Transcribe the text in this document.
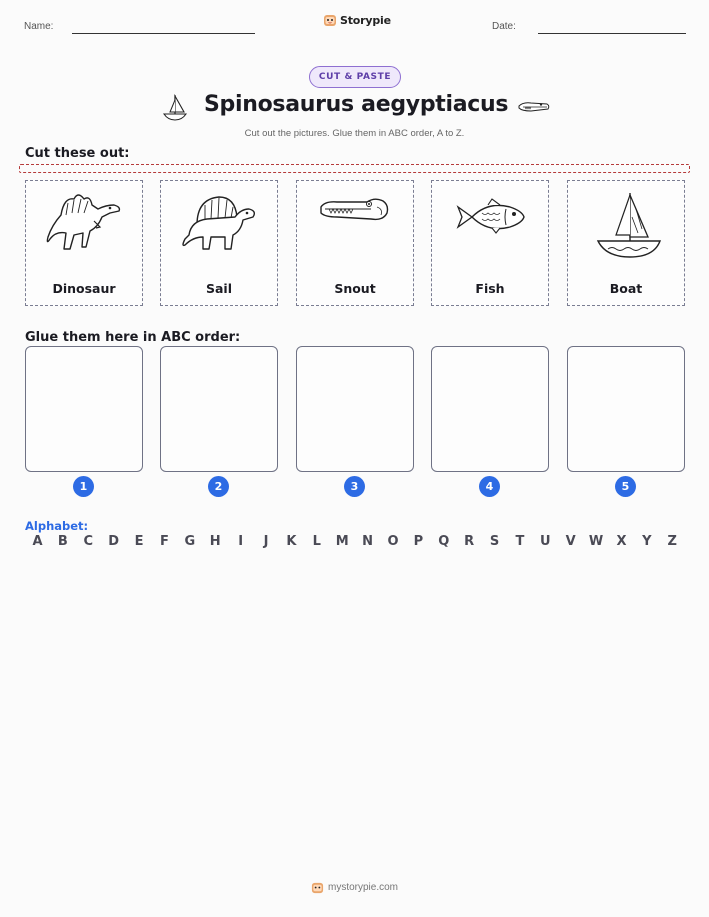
Name:	Storypie	Date:
CUT & PASTE
Spinosaurus aegyptiacus
Cut out the pictures. Glue them in ABC order, A to Z.
Cut these out:
Dinosaur	Sail	Snout	Fish	Boat
Glue them here in ABC order:
1	2	3	4	5
Alphabet:
A	B	C	D	E	F	G	H	I	J	K	L	M	N	O	P	Q	R	S	T	U	V	W	X	Y	Z
mystorypie.com
